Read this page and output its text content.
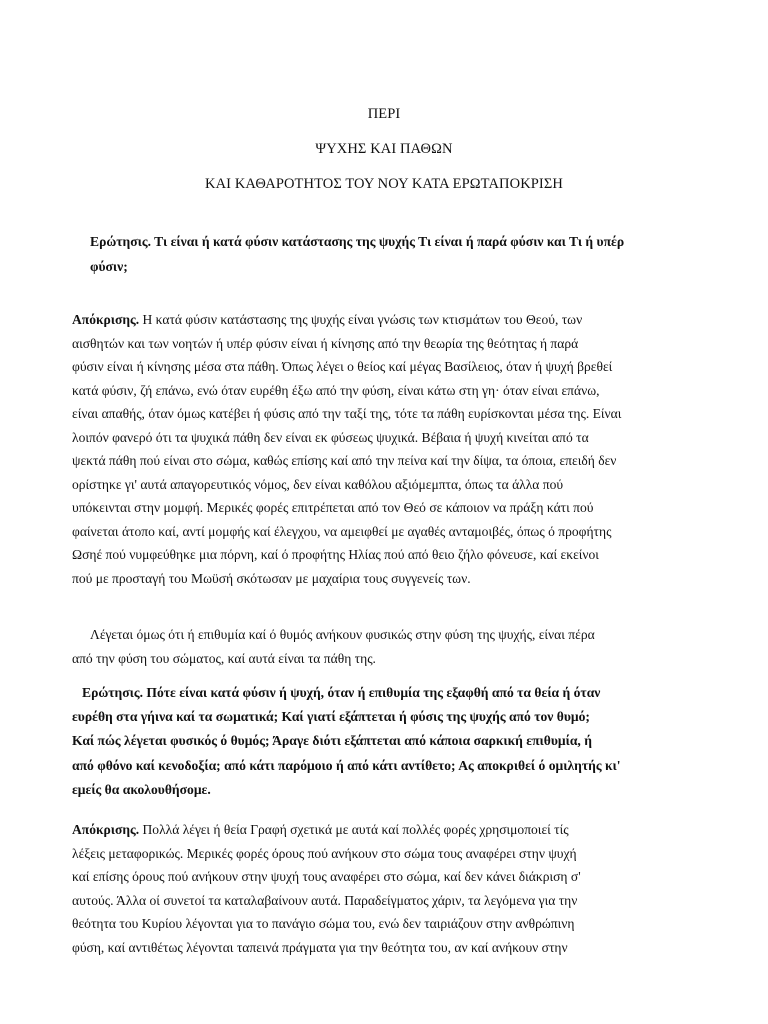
ΠΕΡΙ
ΨΥΧΗΣ ΚΑΙ ΠΑΘΩΝ
ΚΑΙ ΚΑΘΑΡΟΤΗΤΟΣ ΤΟΥ ΝΟΥ ΚΑΤΑ ΕΡΩΤΑΠΟΚΡΙΣΗ
Ερώτησις. Τι είναι ή κατά φύσιν κατάστασης της ψυχής Τι είναι ή παρά φύσιν και Τι ή υπέρ
φύσιν;
Απόκρισης. Η κατά φύσιν κατάστασης της ψυχής είναι γνώσις των κτισμάτων του Θεού, των
αισθητών και των νοητών ή υπέρ φύσιν είναι ή κίνησης από την θεωρία της θεότητας ή παρά
φύσιν είναι ή κίνησης μέσα στα πάθη. Όπως λέγει ο θείος καί μέγας Βασίλειος, όταν ή ψυχή βρεθεί
κατά φύσιν, ζή επάνω, ενώ όταν ευρέθη έξω από την φύση, είναι κάτω στη γη· όταν είναι επάνω,
είναι απαθής, όταν όμως κατέβει ή φύσις από την ταξί της, τότε τα πάθη ευρίσκονται μέσα της. Είναι
λοιπόν φανερό ότι τα ψυχικά πάθη δεν είναι εκ φύσεως ψυχικά. Βέβαια ή ψυχή κινείται από τα
ψεκτά πάθη πού είναι στο σώμα, καθώς επίσης καί από την πείνα καί την δίψα, τα όποια, επειδή δεν
ορίστηκε γι' αυτά απαγορευτικός νόμος, δεν είναι καθόλου αξιόμεμπτα, όπως τα άλλα πού
υπόκεινται στην μομφή. Μερικές φορές επιτρέπεται από τον Θεό σε κάποιον να πράξη κάτι πού
φαίνεται άτοπο καί, αντί μομφής καί έλεγχου, να αμειφθεί με αγαθές ανταμοιβές, όπως ό προφήτης
Ωσηέ πού νυμφεύθηκε μια πόρνη, καί ό προφήτης Ηλίας πού από θειο ζήλο φόνευσε, καί εκείνοι
πού με προσταγή του Μωϋσή σκότωσαν με μαχαίρια τους συγγενείς των.
Λέγεται όμως ότι ή επιθυμία καί ό θυμός ανήκουν φυσικώς στην φύση της ψυχής, είναι πέρα
από την φύση του σώματος, καί αυτά είναι τα πάθη της.
Ερώτησις. Πότε είναι κατά φύσιν ή ψυχή, όταν ή επιθυμία της εξαφθή από τα θεία ή όταν
ευρέθη στα γήινα καί τα σωματικά; Καί γιατί εξάπτεται ή φύσις της ψυχής από τον θυμό;
Καί πώς λέγεται φυσικός ό θυμός; Άραγε διότι εξάπτεται από κάποια σαρκική επιθυμία, ή
από φθόνο καί κενοδοξία; από κάτι παρόμοιο ή από κάτι αντίθετο; Ας αποκριθεί ό ομιλητής κι'
εμείς θα ακολουθήσομε.
Απόκρισης. Πολλά λέγει ή θεία Γραφή σχετικά με αυτά καί πολλές φορές χρησιμοποιεί τίς
λέξεις μεταφορικώς. Μερικές φορές όρους πού ανήκουν στο σώμα τους αναφέρει στην ψυχή
καί επίσης όρους πού ανήκουν στην ψυχή τους αναφέρει στο σώμα, καί δεν κάνει διάκριση σ'
αυτούς. Άλλα οί συνετοί τα καταλαβαίνουν αυτά. Παραδείγματος χάριν, τα λεγόμενα για την
θεότητα του Κυρίου λέγονται για το πανάγιο σώμα του, ενώ δεν ταιριάζουν στην ανθρώπινη
φύση, καί αντιθέτως λέγονται ταπεινά πράγματα για την θεότητα του, αν καί ανήκουν στην
